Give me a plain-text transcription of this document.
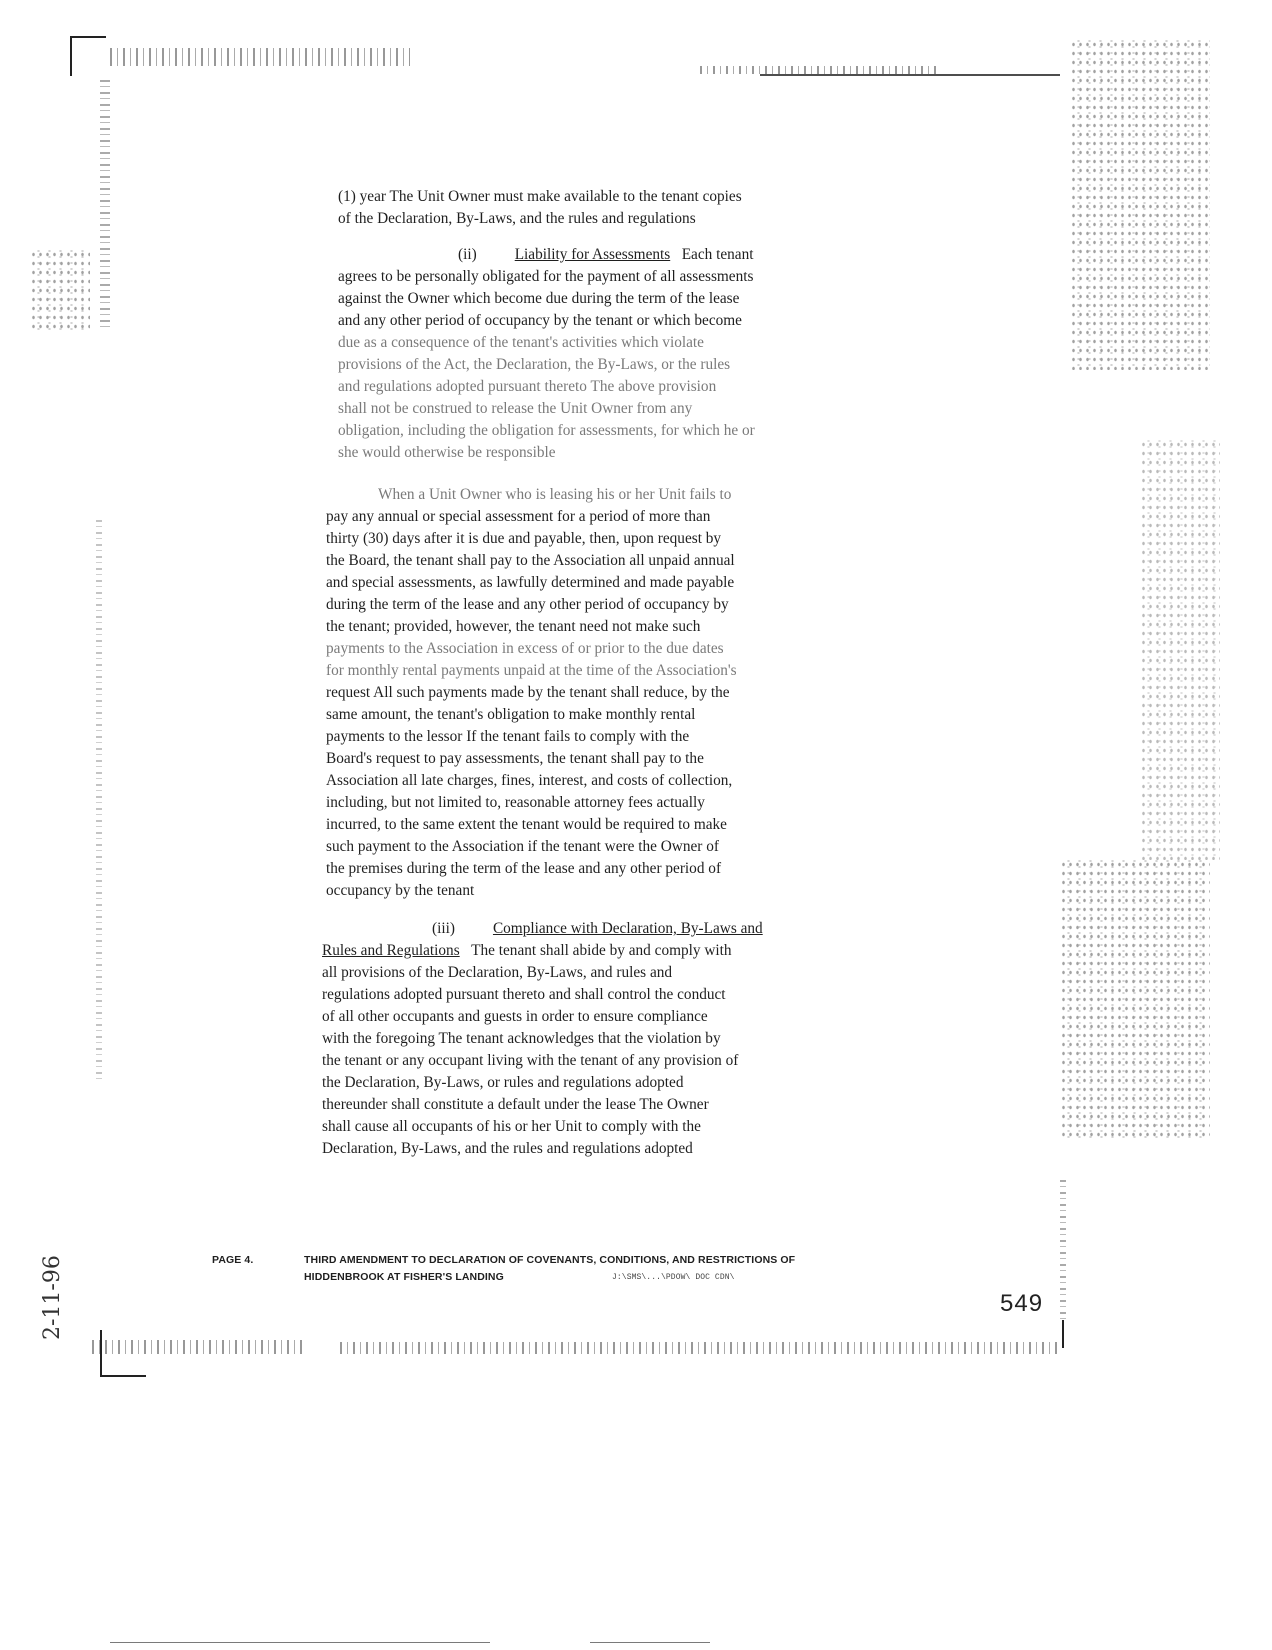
2-11-96

(1) year The Unit Owner must make available to the tenant copies

of the Declaration, By-Laws, and the rules and regulations

(ii) Liability for Assessments Each tenant

agrees to be personally obligated for the payment of all assessments

against the Owner which become due during the term of the lease

and any other period of occupancy by the tenant or which become

due as a consequence of the tenant's activities which violate

provisions of the Act, the Declaration, the By-Laws, or the rules

and regulations adopted pursuant thereto The above provision

shall not be construed to release the Unit Owner from any

obligation, including the obligation for assessments, for which he or

she would otherwise be responsible

When a Unit Owner who is leasing his or her Unit fails to

pay any annual or special assessment for a period of more than

thirty (30) days after it is due and payable, then, upon request by

the Board, the tenant shall pay to the Association all unpaid annual

and special assessments, as lawfully determined and made payable

during the term of the lease and any other period of occupancy by

the tenant; provided, however, the tenant need not make such

payments to the Association in excess of or prior to the due dates

for monthly rental payments unpaid at the time of the Association's

request All such payments made by the tenant shall reduce, by the

same amount, the tenant's obligation to make monthly rental

payments to the lessor If the tenant fails to comply with the

Board's request to pay assessments, the tenant shall pay to the

Association all late charges, fines, interest, and costs of collection,

including, but not limited to, reasonable attorney fees actually

incurred, to the same extent the tenant would be required to make

such payment to the Association if the tenant were the Owner of

the premises during the term of the lease and any other period of

occupancy by the tenant

(iii) Compliance with Declaration, By-Laws and

Rules and Regulations The tenant shall abide by and comply with

all provisions of the Declaration, By-Laws, and rules and

regulations adopted pursuant thereto and shall control the conduct

of all other occupants and guests in order to ensure compliance

with the foregoing The tenant acknowledges that the violation by

the tenant or any occupant living with the tenant of any provision of

the Declaration, By-Laws, or rules and regulations adopted

thereunder shall constitute a default under the lease The Owner

shall cause all occupants of his or her Unit to comply with the

Declaration, By-Laws, and the rules and regulations adopted

PAGE 4.	THIRD AMENDMENT TO DECLARATION OF COVENANTS, CONDITIONS, AND RESTRICTIONS OF
HIDDENBROOK AT FISHER'S LANDING	J:\SMS\...\PDOW\ DOC CDN\
549
